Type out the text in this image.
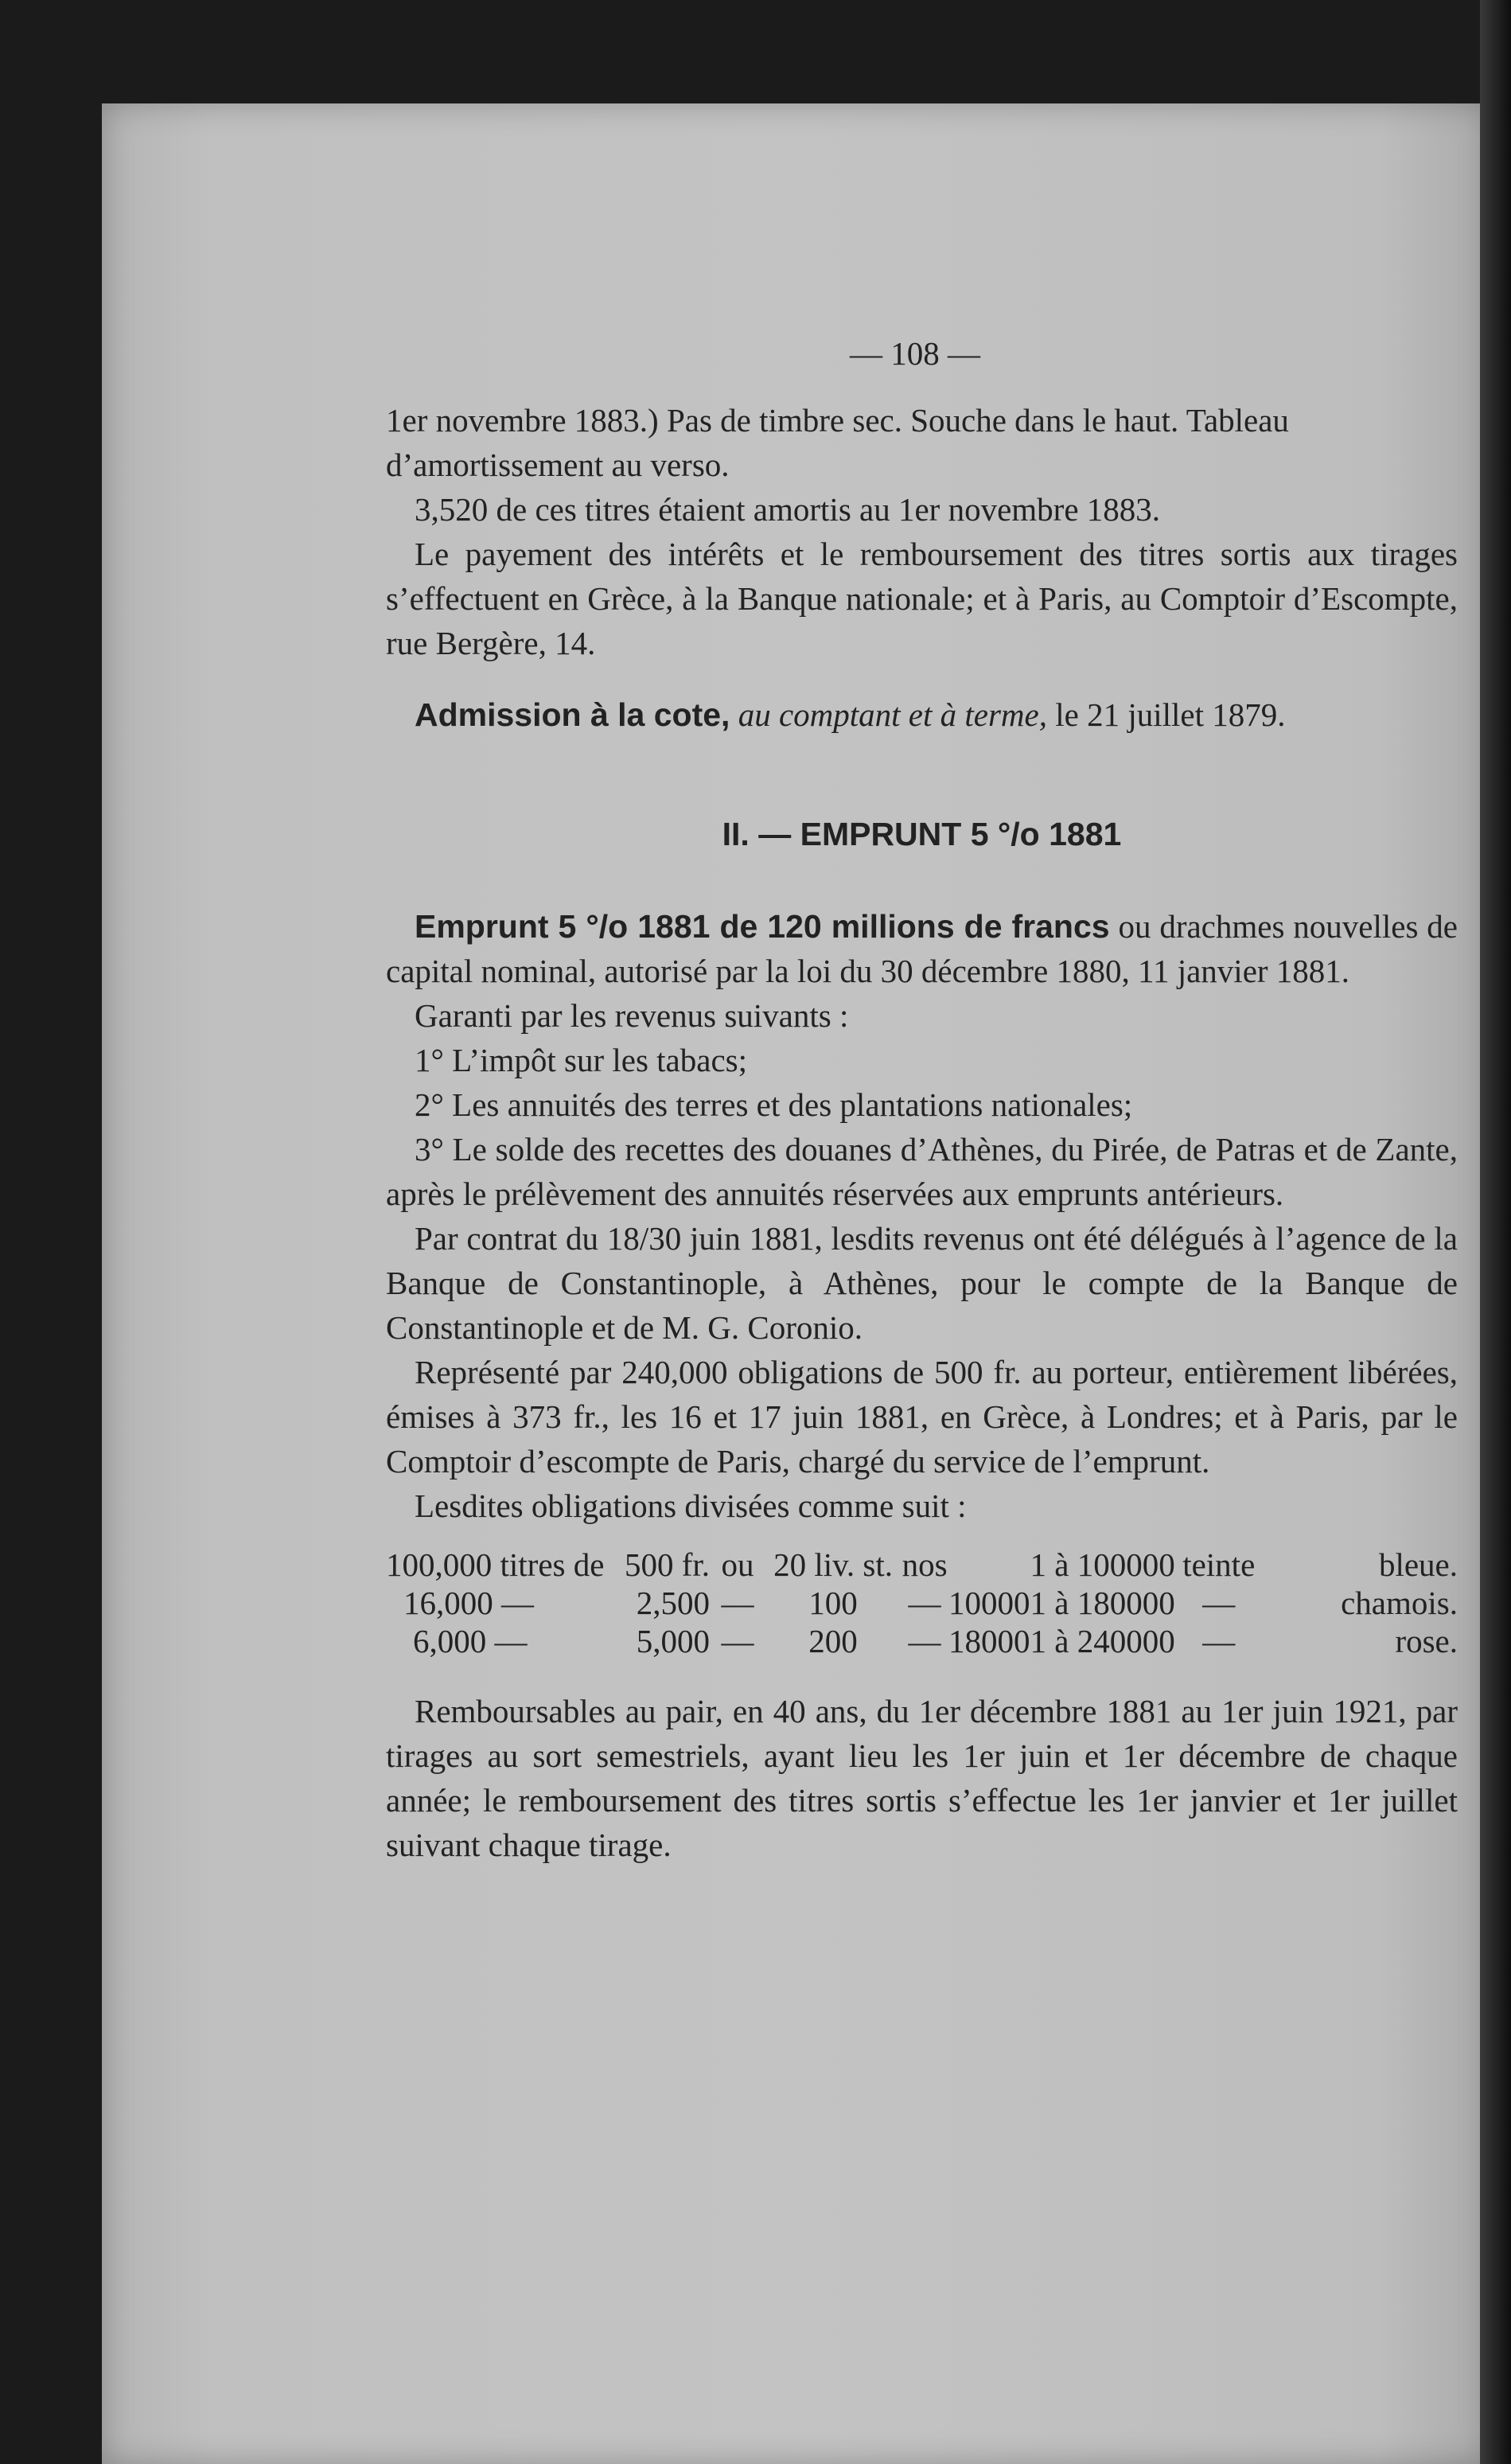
— 108 —

1er novembre 1883.) Pas de timbre sec. Souche dans le haut. Tableau

d’amortissement au verso.

3,520 de ces titres étaient amortis au 1er novembre 1883.

Le payement des intérêts et le remboursement des titres sortis aux tirages s’effectuent en Grèce, à la Banque nationale; et à Paris, au Comptoir d’Escompte, rue Bergère, 14.

Admission à la cote, au comptant et à terme, le 21 juillet 1879.

II. — EMPRUNT 5 °/o 1881

Emprunt 5 °/o 1881 de 120 millions de francs ou drachmes nouvelles de capital nominal, autorisé par la loi du 30 décembre 1880, 11 janvier 1881.

Garanti par les revenus suivants :

1° L’impôt sur les tabacs;

2° Les annuités des terres et des plantations nationales;

3° Le solde des recettes des douanes d’Athènes, du Pirée, de Patras et de Zante, après le prélèvement des annuités réservées aux emprunts antérieurs.

Par contrat du 18/30 juin 1881, lesdits revenus ont été délégués à l’agence de la Banque de Constantinople, à Athènes, pour le compte de la Banque de Constantinople et de M. G. Coronio.

Représenté par 240,000 obligations de 500 fr. au porteur, entièrement libérées, émises à 373 fr., les 16 et 17 juin 1881, en Grèce, à Londres; et à Paris, par le Comptoir d’escompte de Paris, chargé du service de l’emprunt.

Lesdites obligations divisées comme suit :

100,000 titres de	500 fr.	ou	20 liv. st.	nos	1 à 100000	teinte	bleue.
16,000 —	2,500	—	100	—	100001 à 180000	—	chamois.
6,000 —	5,000	—	200	—	180001 à 240000	—	rose.

Remboursables au pair, en 40 ans, du 1er décembre 1881 au 1er juin 1921, par tirages au sort semestriels, ayant lieu les 1er juin et 1er décembre de chaque année; le remboursement des titres sortis s’effectue les 1er janvier et 1er juillet suivant chaque tirage.
